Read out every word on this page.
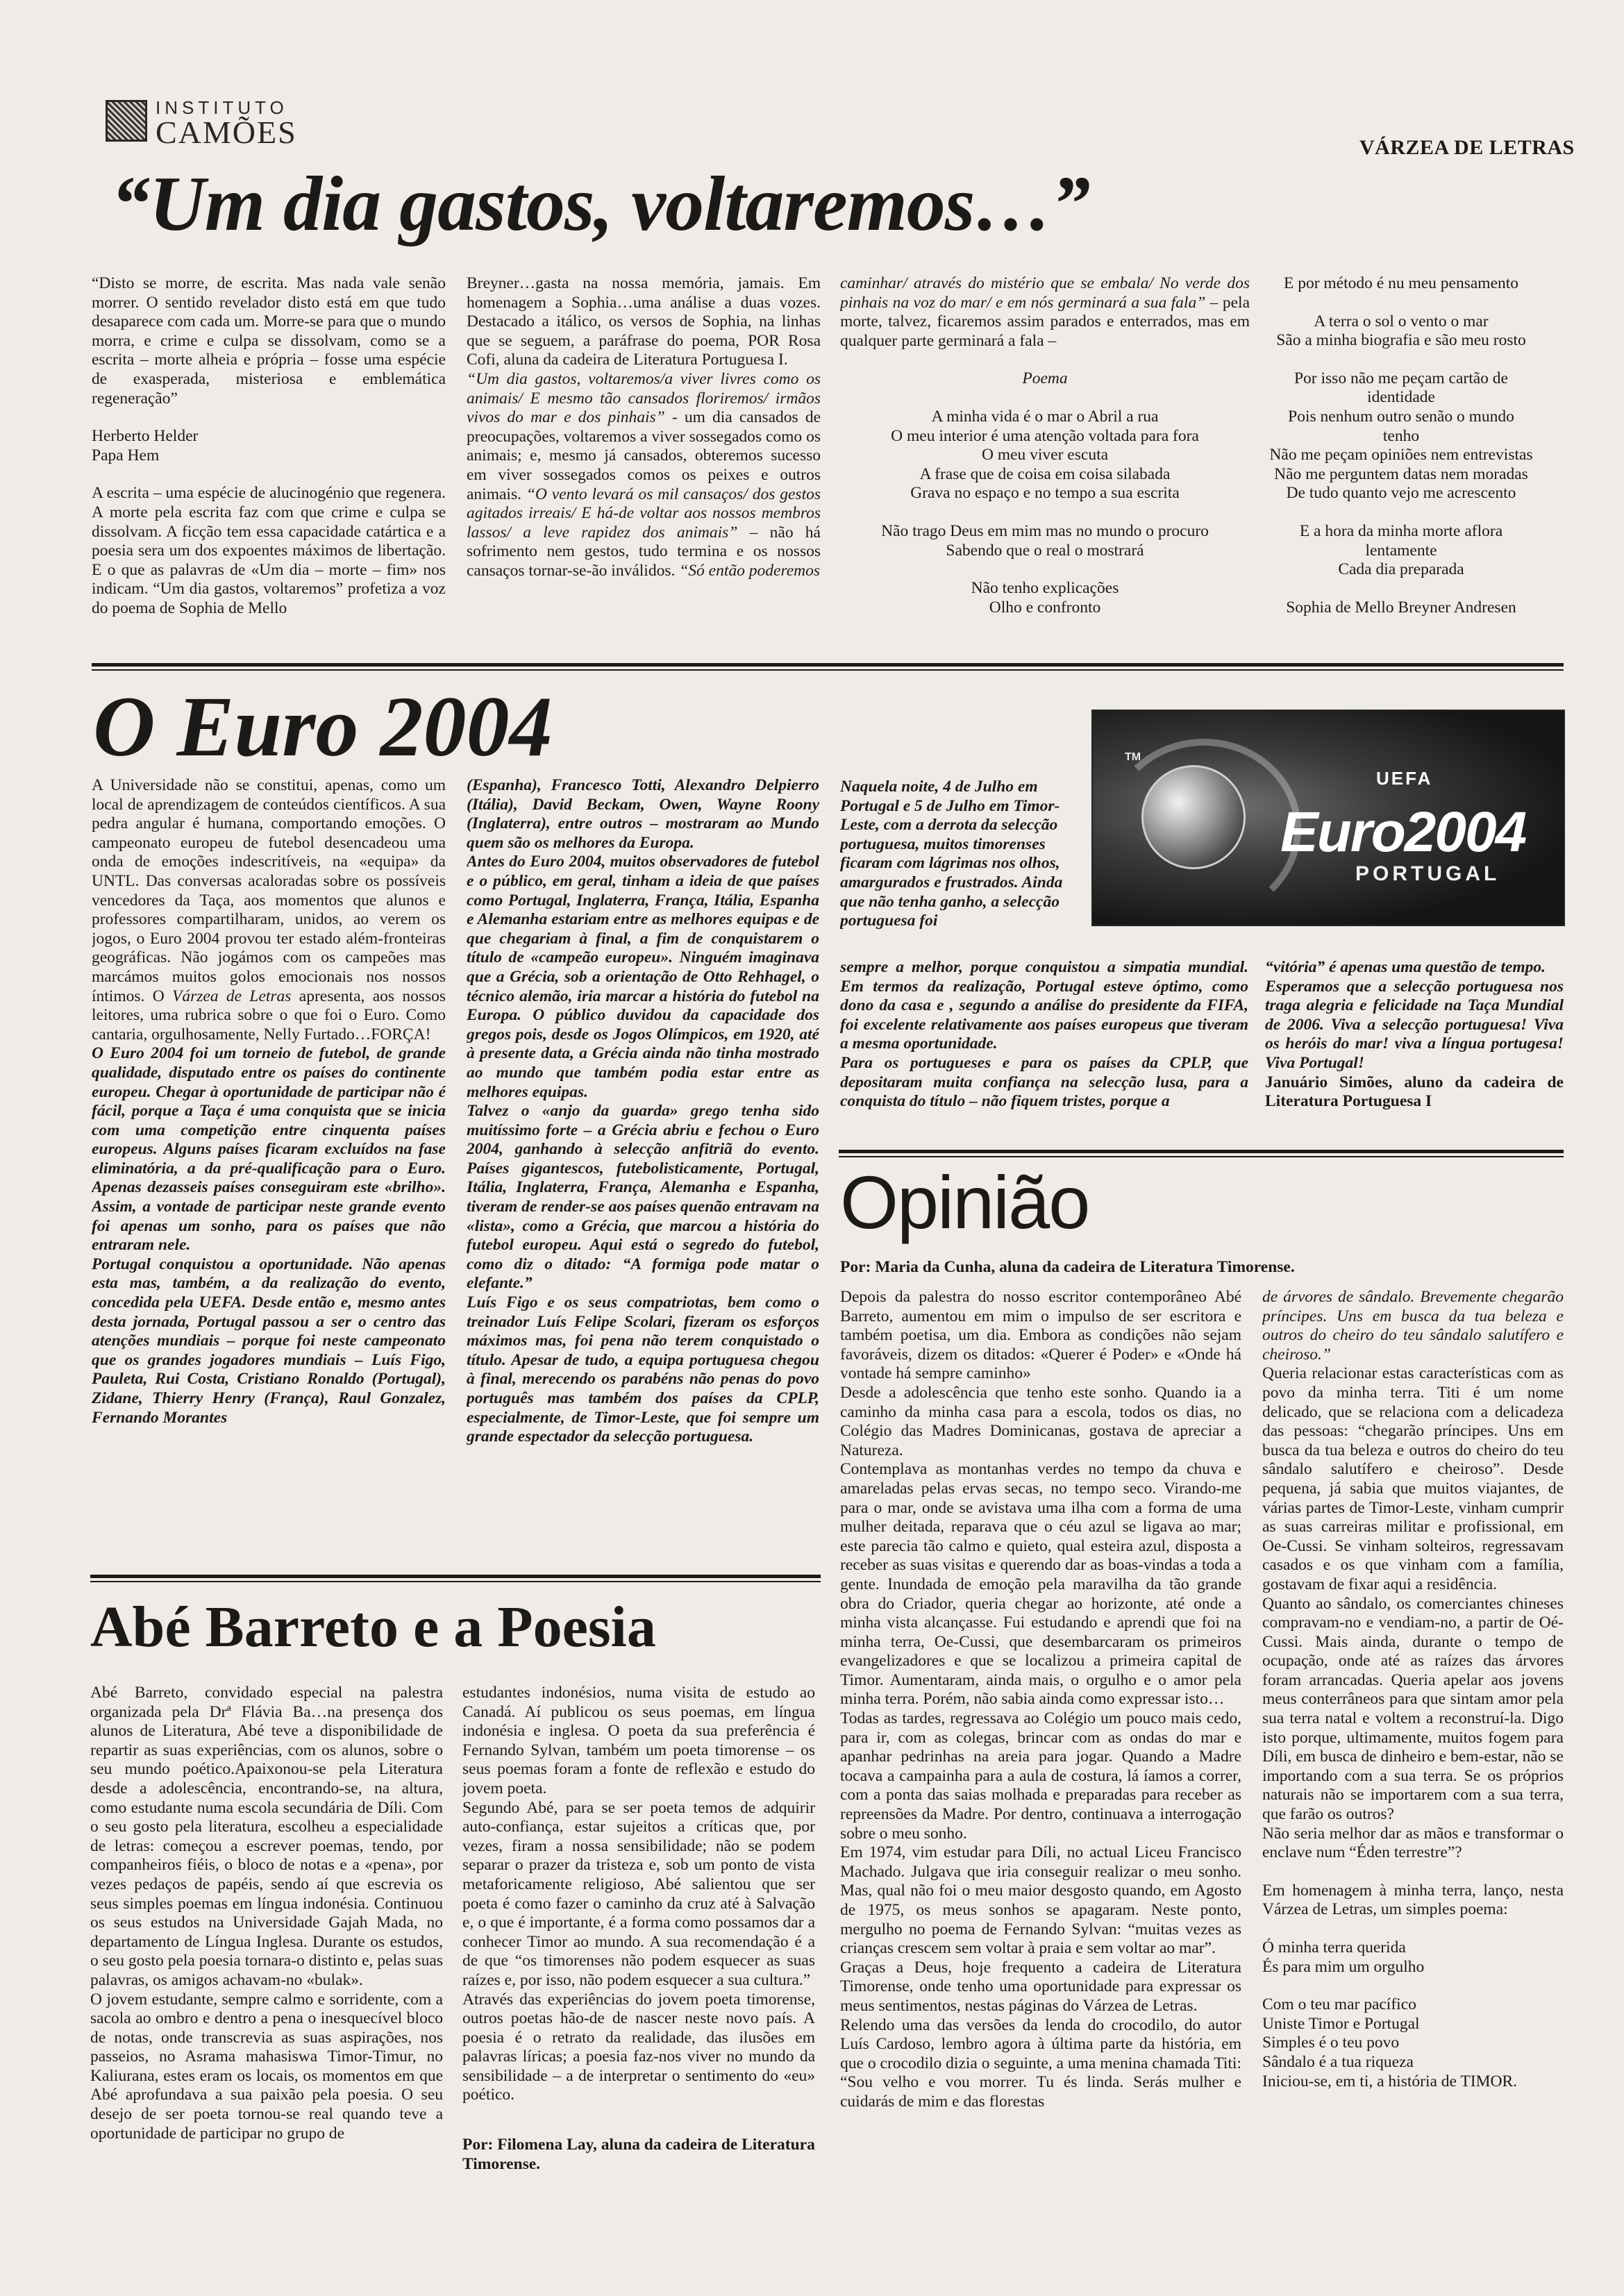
INSTITUTO
CAMÕES	VÁRZEA DE LETRAS
“Um dia gastos, voltaremos…”

“Disto se morre, de escrita. Mas nada vale senão morrer. O sentido revelador disto está em que tudo desaparece com cada um. Morre-se para que o mundo morra, e crime e culpa se dissolvam, como se a escrita – morte alheia e própria – fosse uma espécie de exasperada, misteriosa e emblemática regeneração”

Herberto Helder
Papa Hem

A escrita – uma espécie de alucinogénio que regenera. A morte pela escrita faz com que crime e culpa se dissolvam. A ficção tem essa capacidade catártica e a poesia sera um dos expoentes máximos de libertação. E o que as palavras de «Um dia – morte – fim» nos indicam. “Um dia gastos, voltaremos” profetiza a voz do poema de Sophia de Mello

Breyner…gasta na nossa memória, jamais. Em homenagem a Sophia…uma análise a duas vozes. Destacado a itálico, os versos de Sophia, na linhas que se seguem, a paráfrase do poema, POR Rosa Cofi, aluna da cadeira de Literatura Portuguesa I.
“Um dia gastos, voltaremos/a viver livres como os animais/ E mesmo tão cansados floriremos/ irmãos vivos do mar e dos pinhais” - um dia cansados de preocupações, voltaremos a viver sossegados como os animais; e, mesmo já cansados, obteremos sucesso em viver sossegados comos os peixes e outros animais. “O vento levará os mil cansaços/ dos gestos agitados irreais/ E há-de voltar aos nossos membros lassos/ a leve rapidez dos animais” – não há sofrimento nem gestos, tudo termina e os nossos cansaços tornar-se-ão inválidos. “Só então poderemos

caminhar/ através do mistério que se embala/ No verde dos pinhais na voz do mar/ e em nós germinará a sua fala” – pela morte, talvez, ficaremos assim parados e enterrados, mas em qualquer parte germinará a fala –

Poema

A minha vida é o mar o Abril a rua

O meu interior é uma atenção voltada para fora

O meu viver escuta

A frase que de coisa em coisa silabada

Grava no espaço e no tempo a sua escrita

Não trago Deus em mim mas no mundo o procuro

Sabendo que o real o mostrará

Não tenho explicações

Olho e confronto

E por método é nu meu pensamento

A terra o sol o vento o mar

São a minha biografia e são meu rosto

Por isso não me peçam cartão de identidade

Pois nenhum outro senão o mundo tenho

Não me peçam opiniões nem entrevistas

Não me perguntem datas nem moradas

De tudo quanto vejo me acrescento

E a hora da minha morte aflora lentamente

Cada dia preparada

Sophia de Mello Breyner Andresen

O Euro 2004

A Universidade não se constitui, apenas, como um local de aprendizagem de conteúdos científicos. A sua pedra angular é humana, comportando emoções. O campeonato europeu de futebol desencadeou uma onda de emoções indescritíveis, na «equipa» da UNTL. Das conversas acaloradas sobre os possíveis vencedores da Taça, aos momentos que alunos e professores compartilharam, unidos, ao verem os jogos, o Euro 2004 provou ter estado além-fronteiras geográficas. Não jogámos com os campeões mas marcámos muitos golos emocionais nos nossos íntimos. O Várzea de Letras apresenta, aos nossos leitores, uma rubrica sobre o que foi o Euro. Como cantaria, orgulhosamente, Nelly Furtado…FORÇA!

O Euro 2004 foi um torneio de futebol, de grande qualidade, disputado entre os países do continente europeu. Chegar à oportunidade de participar não é fácil, porque a Taça é uma conquista que se inicia com uma competição entre cinquenta países europeus. Alguns países ficaram excluídos na fase eliminatória, a da pré-qualificação para o Euro. Apenas dezasseis países conseguiram este «brilho». Assim, a vontade de participar neste grande evento foi apenas um sonho, para os países que não entraram nele.

Portugal conquistou a oportunidade. Não apenas esta mas, também, a da realização do evento, concedida pela UEFA. Desde então e, mesmo antes desta jornada, Portugal passou a ser o centro das atenções mundiais – porque foi neste campeonato que os grandes jogadores mundiais – Luís Figo, Pauleta, Rui Costa, Cristiano Ronaldo (Portugal), Zidane, Thierry Henry (França), Raul Gonzalez, Fernando Morantes

(Espanha), Francesco Totti, Alexandro Delpierro (Itália), David Beckam, Owen, Wayne Roony (Inglaterra), entre outros – mostraram ao Mundo quem são os melhores da Europa.

Antes do Euro 2004, muitos observadores de futebol e o público, em geral, tinham a ideia de que países como Portugal, Inglaterra, França, Itália, Espanha e Alemanha estariam entre as melhores equipas e de que chegariam à final, a fim de conquistarem o título de «campeão europeu». Ninguém imaginava que a Grécia, sob a orientação de Otto Rehhagel, o técnico alemão, iria marcar a história do futebol na Europa. O público duvidou da capacidade dos gregos pois, desde os Jogos Olímpicos, em 1920, até à presente data, a Grécia ainda não tinha mostrado ao mundo que também podia estar entre as melhores equipas.

Talvez o «anjo da guarda» grego tenha sido muitíssimo forte – a Grécia abriu e fechou o Euro 2004, ganhando à selecção anfitriã do evento. Países gigantescos, futebolisticamente, Portugal, Itália, Inglaterra, França, Alemanha e Espanha, tiveram de render-se aos países quenão entravam na «lista», como a Grécia, que marcou a história do futebol europeu. Aqui está o segredo do futebol, como diz o ditado: “A formiga pode matar o elefante.”

Luís Figo e os seus compatriotas, bem como o treinador Luís Felipe Scolari, fizeram os esforços máximos mas, foi pena não terem conquistado o título. Apesar de tudo, a equipa portuguesa chegou à final, merecendo os parabéns não penas do povo português mas também dos países da CPLP, especialmente, de Timor-Leste, que foi sempre um grande espectador da selecção portuguesa.

TM
UEFA
Euro2004
PORTUGAL

Naquela noite, 4 de Julho em Portugal e 5 de Julho em Timor-Leste, com a derrota da selecção portuguesa, muitos timorenses ficaram com lágrimas nos olhos, amargurados e frustrados. Ainda que não tenha ganho, a selecção portuguesa foi

sempre a melhor, porque conquistou a simpatia mundial. Em termos da realização, Portugal esteve óptimo, como dono da casa e , segundo a análise do presidente da FIFA, foi excelente relativamente aos países europeus que tiveram a mesma oportunidade.

Para os portugueses e para os países da CPLP, que depositaram muita confiança na selecção lusa, para a conquista do título – não fiquem tristes, porque a

“vitória” é apenas uma questão de tempo.

Esperamos que a selecção portuguesa nos traga alegria e felicidade na Taça Mundial de 2006. Viva a selecção portuguesa! Viva os heróis do mar! viva a língua portugesa! Viva Portugal!

Januário Simões, aluno da cadeira de Literatura Portuguesa I

Opinião
Por: Maria da Cunha, aluna da cadeira de Literatura Timorense.

Depois da palestra do nosso escritor contemporâneo Abé Barreto, aumentou em mim o impulso de ser escritora e também poetisa, um dia. Embora as condições não sejam favoráveis, dizem os ditados: «Querer é Poder» e «Onde há vontade há sempre caminho»
Desde a adolescência que tenho este sonho. Quando ia a caminho da minha casa para a escola, todos os dias, no Colégio das Madres Dominicanas, gostava de apreciar a Natureza.
Contemplava as montanhas verdes no tempo da chuva e amareladas pelas ervas secas, no tempo seco. Virando-me para o mar, onde se avistava uma ilha com a forma de uma mulher deitada, reparava que o céu azul se ligava ao mar; este parecia tão calmo e quieto, qual esteira azul, disposta a receber as suas visitas e querendo dar as boas-vindas a toda a gente. Inundada de emoção pela maravilha da tão grande obra do Criador, queria chegar ao horizonte, até onde a minha vista alcançasse. Fui estudando e aprendi que foi na minha terra, Oe-Cussi, que desembarcaram os primeiros evangelizadores e que se localizou a primeira capital de Timor. Aumentaram, ainda mais, o orgulho e o amor pela minha terra. Porém, não sabia ainda como expressar isto…
Todas as tardes, regressava ao Colégio um pouco mais cedo, para ir, com as colegas, brincar com as ondas do mar e apanhar pedrinhas na areia para jogar. Quando a Madre tocava a campainha para a aula de costura, lá íamos a correr, com a ponta das saias molhada e preparadas para receber as repreensões da Madre. Por dentro, continuava a interrogação sobre o meu sonho.
Em 1974, vim estudar para Díli, no actual Liceu Francisco Machado. Julgava que iria conseguir realizar o meu sonho. Mas, qual não foi o meu maior desgosto quando, em Agosto de 1975, os meus sonhos se apagaram. Neste ponto, mergulho no poema de Fernando Sylvan: “muitas vezes as crianças crescem sem voltar à praia e sem voltar ao mar”.
Graças a Deus, hoje frequento a cadeira de Literatura Timorense, onde tenho uma oportunidade para expressar os meus sentimentos, nestas páginas do Várzea de Letras.
Relendo uma das versões da lenda do crocodilo, do autor Luís Cardoso, lembro agora à última parte da história, em que o crocodilo dizia o seguinte, a uma menina chamada Titi: “Sou velho e vou morrer. Tu és linda. Serás mulher e cuidarás de mim e das florestas

de árvores de sândalo. Brevemente chegarão príncipes. Uns em busca da tua beleza e outros do cheiro do teu sândalo salutífero e cheiroso.”

Queria relacionar estas características com as povo da minha terra. Titi é um nome delicado, que se relaciona com a delicadeza das pessoas: “chegarão príncipes. Uns em busca da tua beleza e outros do cheiro do teu sândalo salutífero e cheiroso”. Desde pequena, já sabia que muitos viajantes, de várias partes de Timor-Leste, vinham cumprir as suas carreiras militar e profissional, em Oe-Cussi. Se vinham solteiros, regressavam casados e os que vinham com a família, gostavam de fixar aqui a residência.
Quanto ao sândalo, os comerciantes chineses compravam-no e vendiam-no, a partir de Oé-Cussi. Mais ainda, durante o tempo de ocupação, onde até as raízes das árvores foram arrancadas. Queria apelar aos jovens meus conterrâneos para que sintam amor pela sua terra natal e voltem a reconstruí-la. Digo isto porque, ultimamente, muitos fogem para Díli, em busca de dinheiro e bem-estar, não se importando com a sua terra. Se os próprios naturais não se importarem com a sua terra, que farão os outros?
Não seria melhor dar as mãos e transformar o enclave num “Éden terrestre”?

Em homenagem à minha terra, lanço, nesta Várzea de Letras, um simples poema:

Ó minha terra querida

És para mim um orgulho

Com o teu mar pacífico

Uniste Timor e Portugal

Simples é o teu povo

Sândalo é a tua riqueza

Iniciou-se, em ti, a história de TIMOR.

Abé Barreto e a Poesia

Abé Barreto, convidado especial na palestra organizada pela Drª Flávia Ba…na presença dos alunos de Literatura, Abé teve a disponibilidade de repartir as suas experiências, com os alunos, sobre o seu mundo poético.Apaixonou-se pela Literatura desde a adolescência, encontrando-se, na altura, como estudante numa escola secundária de Díli. Com o seu gosto pela literatura, escolheu a especialidade de letras: começou a escrever poemas, tendo, por companheiros fiéis, o bloco de notas e a «pena», por vezes pedaços de papéis, sendo aí que escrevia os seus simples poemas em língua indonésia. Continuou os seus estudos na Universidade Gajah Mada, no departamento de Língua Inglesa. Durante os estudos, o seu gosto pela poesia tornara-o distinto e, pelas suas palavras, os amigos achavam-no «bulak».
O jovem estudante, sempre calmo e sorridente, com a sacola ao ombro e dentro a pena o inesquecível bloco de notas, onde transcrevia as suas aspirações, nos passeios, no Asrama mahasiswa Timor-Timur, no Kaliurana, estes eram os locais, os momentos em que Abé aprofundava a sua paixão pela poesia. O seu desejo de ser poeta tornou-se real quando teve a oportunidade de participar no grupo de

estudantes indonésios, numa visita de estudo ao Canadá. Aí publicou os seus poemas, em língua indonésia e inglesa. O poeta da sua preferência é Fernando Sylvan, também um poeta timorense – os seus poemas foram a fonte de reflexão e estudo do jovem poeta.
Segundo Abé, para se ser poeta temos de adquirir auto-confiança, estar sujeitos a críticas que, por vezes, firam a nossa sensibilidade; não se podem separar o prazer da tristeza e, sob um ponto de vista metaforicamente religioso, Abé salientou que ser poeta é como fazer o caminho da cruz até à Salvação e, o que é importante, é a forma como possamos dar a conhecer Timor ao mundo. A sua recomendação é a de que “os timorenses não podem esquecer as suas raízes e, por isso, não podem esquecer a sua cultura.”
Através das experiências do jovem poeta timorense, outros poetas hão-de de nascer neste novo país. A poesia é o retrato da realidade, das ilusões em palavras líricas; a poesia faz-nos viver no mundo da sensibilidade – a de interpretar o sentimento do «eu» poético.

Por: Filomena Lay, aluna da cadeira de Literatura Timorense.
